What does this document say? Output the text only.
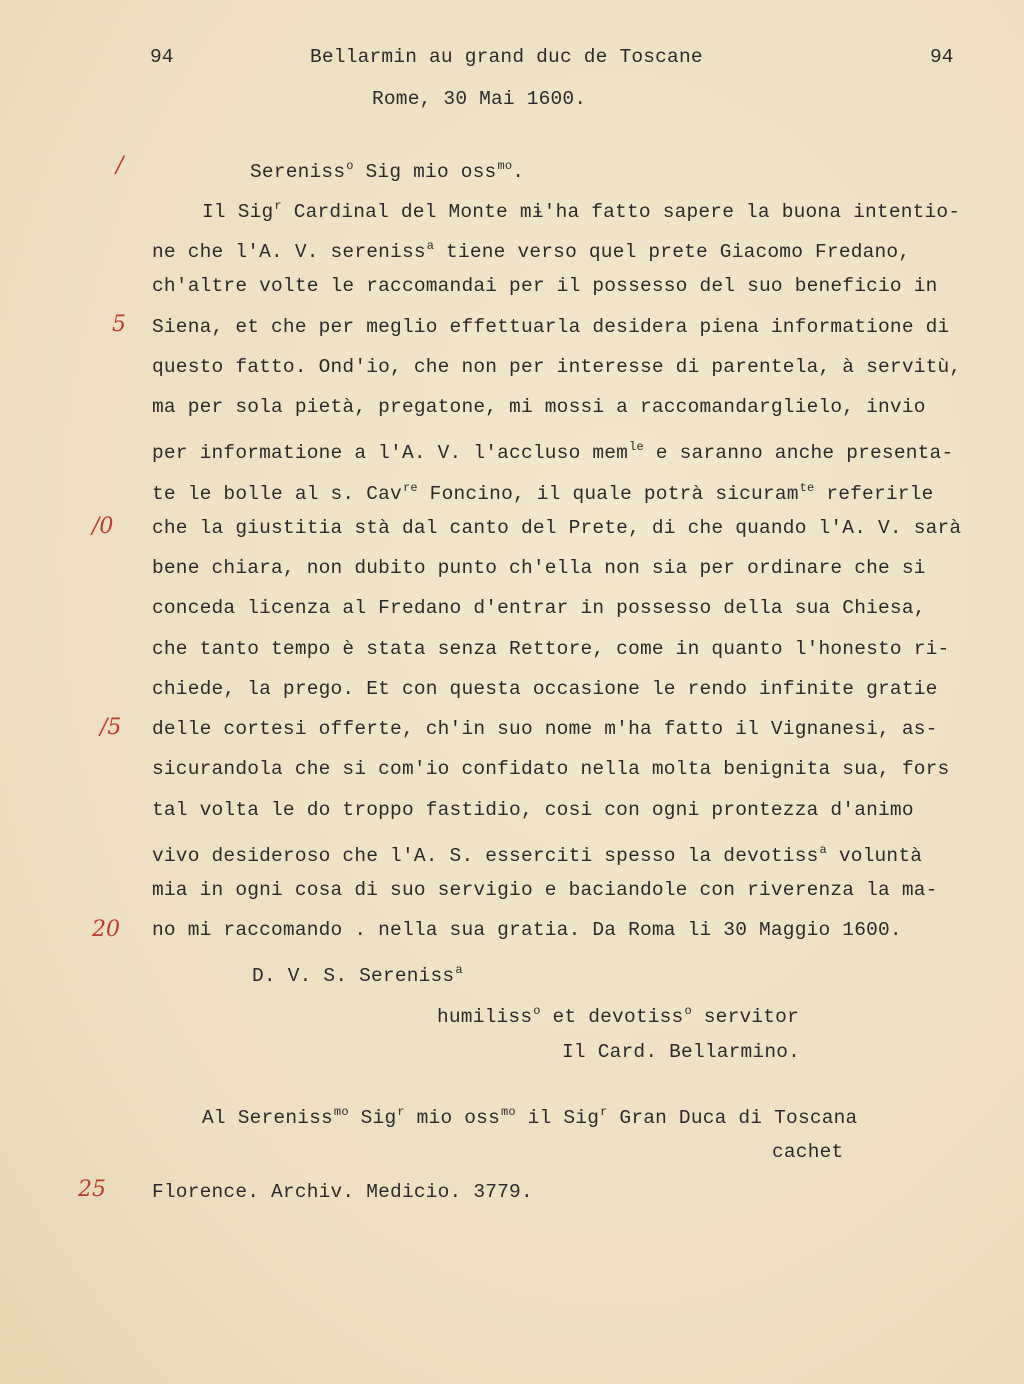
94	Bellarmin au grand duc de Toscane	94
Rome, 30 Mai 1600.
/
5
/0
/5
20
25
Sereniss$^o$ Sig mio oss$^{mo}$.
Il Sig$^r$ Cardinal del Monte mɨ'ha fatto sapere la buona intentio-
ne che l'A. V. sereniss$^a$ tiene verso quel prete Giacomo Fredano,
ch'altre volte le raccomandai per il possesso del suo beneficio in
Siena, et che per meglio effettuarla desidera piena informatione di
questo fatto. Ond'io, che non per interesse di parentela, à servitù,
ma per sola pietà, pregatone, mi mossi a raccomandarglielo, invio
per informatione a l'A. V. l'accluso mem$^{le}$ e saranno anche presenta-
te le bolle al s. Cav$^{re}$ Foncino, il quale potrà sicuram$^{te}$ referirle
che la giustitia stà dal canto del Prete, di che quando l'A. V. sarà
bene chiara, non dubito punto ch'ella non sia per ordinare che si
conceda licenza al Fredano d'entrar in possesso della sua Chiesa,
che tanto tempo è stata senza Rettore, come in quanto l'honesto ri-
chiede, la prego. Et con questa occasione le rendo infinite gratie
delle cortesi offerte, ch'in suo nome m'ha fatto il Vignanesi, as-
sicurandola che si com'io confidato nella molta benignita sua, fors
tal volta le do troppo fastidio, cosi con ogni prontezza d'animo
vivo desideroso che l'A. S. esserciti spesso la devotiss$^a$ voluntà
mia in ogni cosa di suo servigio e baciandole con riverenza la ma-
no mi raccomando . nella sua gratia. Da Roma li 30 Maggio 1600.
D. V. S. Sereniss$^a$
humiliss$^o$ et devotiss$^o$ servitor
Il Card. Bellarmino.
Al Sereniss$^{mo}$ Sig$^r$ mio oss$^{mo}$ il Sig$^r$ Gran Duca di Toscana
cachet
Florence. Archiv. Medicio. 3779.
